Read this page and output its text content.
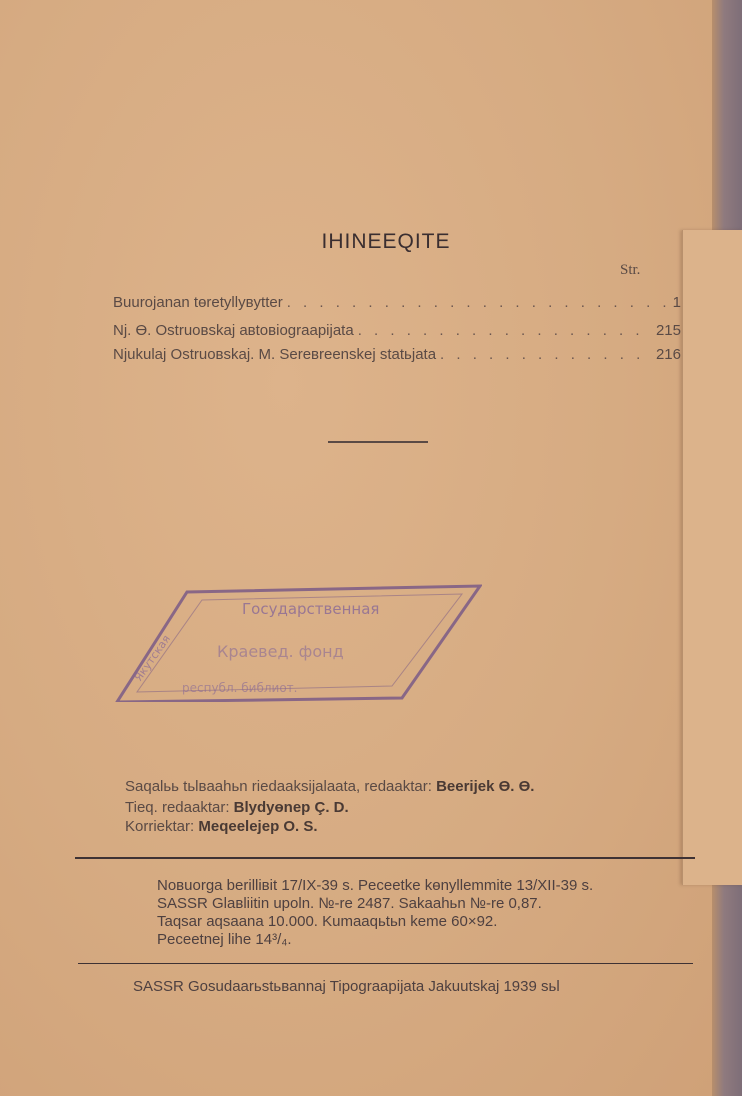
IHINEEQITE
Str.
Buuroјanan tөretyllyвytter . . .	1
Nj. Ө. Ostruoвskaj aвtoвiograapijata . . .	215
Njukulaj Ostruoвskaj. M. Sereвreenskej statьjata . . .	216
Государственная
Краевед. фонд
республ. библиот.
Якутская
Saqalьь tьlвaahьn riedaaksijalaata, redaaktar: Beerijek Ө. Ө.
Tieq. redaaktar: Blydyөnep Ç. D.
Korriektar: Meqeelejep O. S.
Noвuorga berilliвit 17/IX-39 s. Peceetke kөnyllemmite 13/XII-39 s.
SASSR Glaвliitin upoln. №-re 2487. Sakaahьn №-re 0,87.
Taqsar aqsaana 10.000. Kumaaqьtьn keme 60×92.
Peceetnej lihe 14³/₄.
SASSR Gosudaarьstьвannaj Tipograapijata Jakuutskaj 1939 sьl
